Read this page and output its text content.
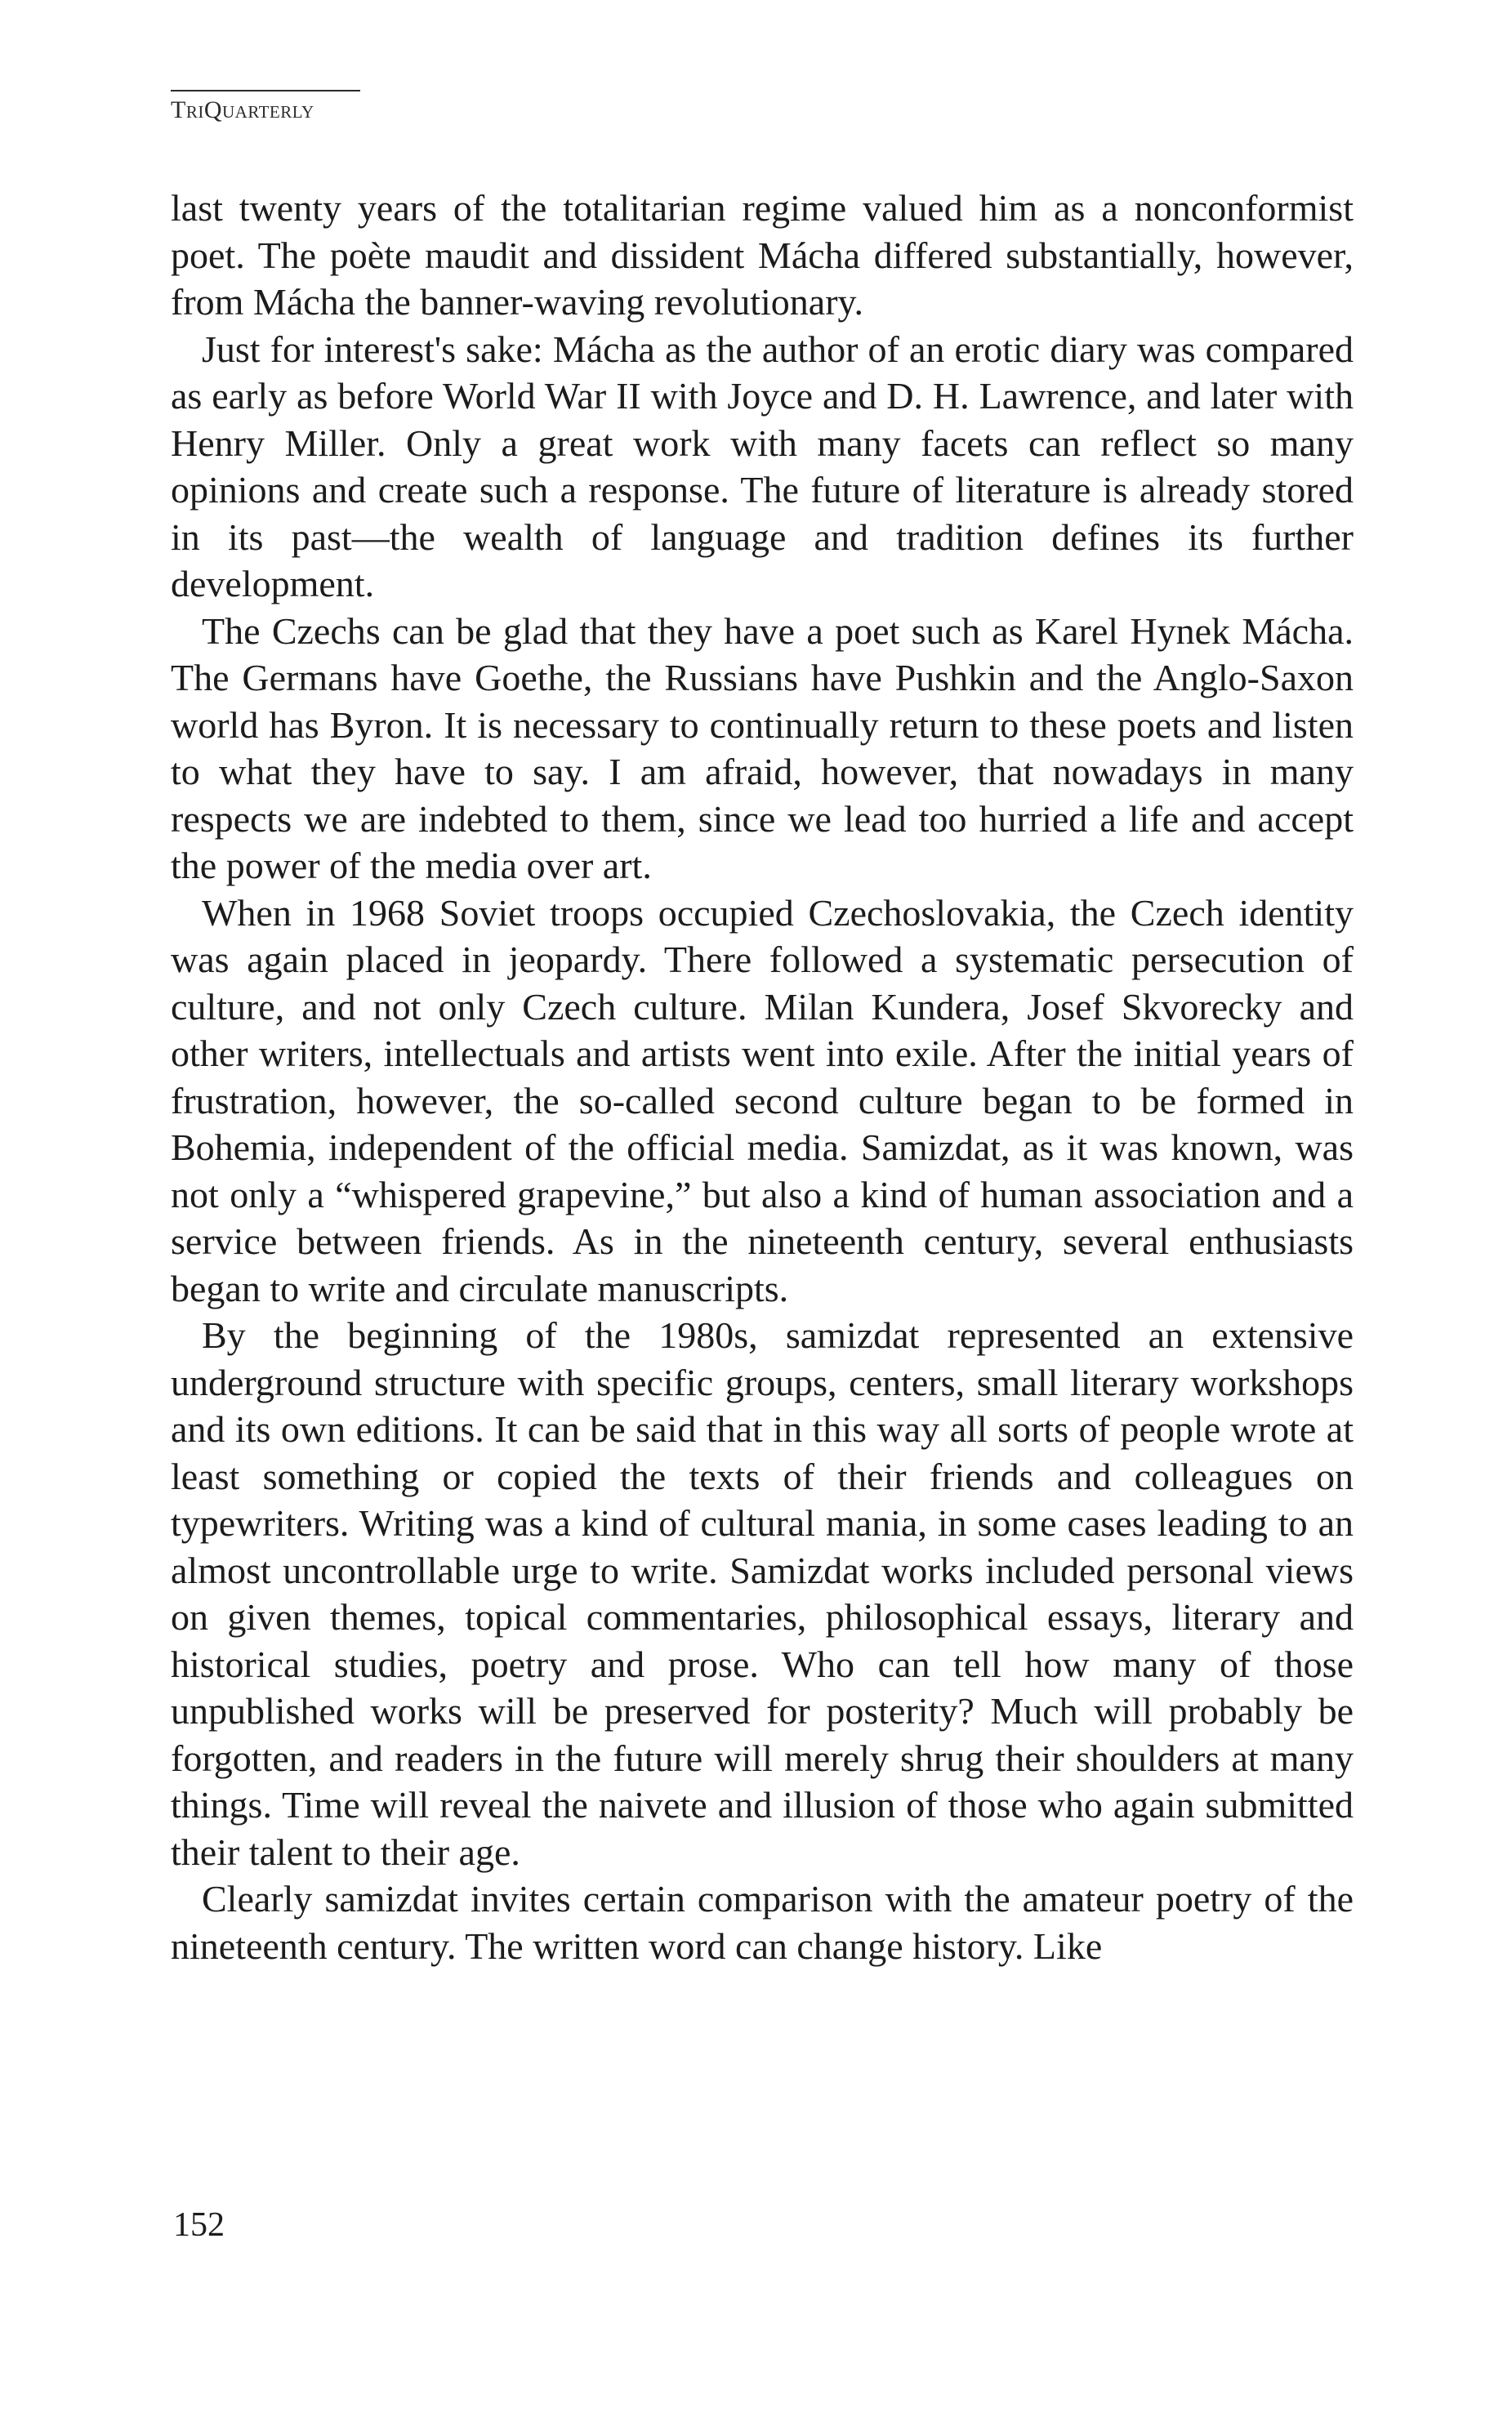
TriQuarterly

last twenty years of the totalitarian regime valued him as a nonconformist poet. The poète maudit and dissident Mácha differed substantially, however, from Mácha the banner-waving revolutionary.

Just for interest's sake: Mácha as the author of an erotic diary was compared as early as before World War II with Joyce and D. H. Lawrence, and later with Henry Miller. Only a great work with many facets can reflect so many opinions and create such a response. The future of literature is already stored in its past—the wealth of language and tradition defines its further development.

The Czechs can be glad that they have a poet such as Karel Hynek Mácha. The Germans have Goethe, the Russians have Pushkin and the Anglo-Saxon world has Byron. It is necessary to continually return to these poets and listen to what they have to say. I am afraid, however, that nowadays in many respects we are indebted to them, since we lead too hurried a life and accept the power of the media over art.

When in 1968 Soviet troops occupied Czechoslovakia, the Czech identity was again placed in jeopardy. There followed a systematic persecution of culture, and not only Czech culture. Milan Kundera, Josef Skvorecky and other writers, intellectuals and artists went into exile. After the initial years of frustration, however, the so-called second culture began to be formed in Bohemia, independent of the official media. Samizdat, as it was known, was not only a “whispered grapevine,” but also a kind of human association and a service between friends. As in the nineteenth century, several enthusiasts began to write and circulate manuscripts.

By the beginning of the 1980s, samizdat represented an extensive underground structure with specific groups, centers, small literary workshops and its own editions. It can be said that in this way all sorts of people wrote at least something or copied the texts of their friends and colleagues on typewriters. Writing was a kind of cultural mania, in some cases leading to an almost uncontrollable urge to write. Samizdat works included personal views on given themes, topical commentaries, philosophical essays, literary and historical studies, poetry and prose. Who can tell how many of those unpublished works will be preserved for posterity? Much will probably be forgotten, and readers in the future will merely shrug their shoulders at many things. Time will reveal the naivete and illusion of those who again submitted their talent to their age.

Clearly samizdat invites certain comparison with the amateur poetry of the nineteenth century. The written word can change history. Like

152
